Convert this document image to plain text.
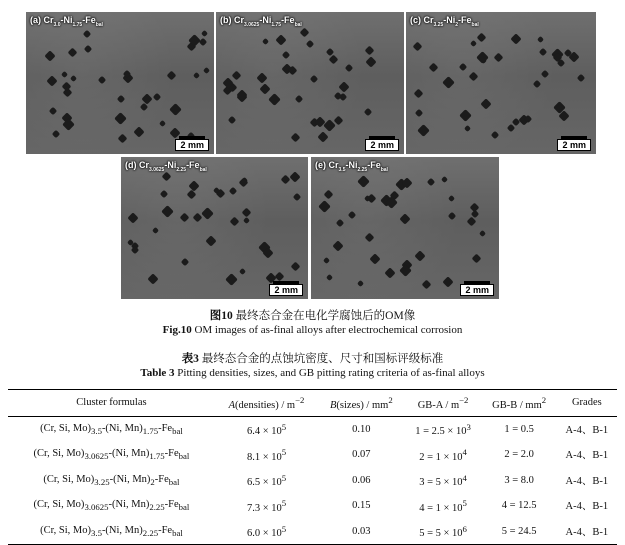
(a) $Cr_{3.0}-Ni_{1.75}-Fe_{bal}$
2 mm
(b) $Cr_{3.0625}-Ni_{1.75}-Fe_{bal}$
2 mm
(c) $Cr_{3.25}-Ni_2-Fe_{bal}$
2 mm
(d) $Cr_{3.0625}-Ni_{2.25}-Fe_{bal}$
2 mm
(e) $Cr_{3.5}-Ni_{2.25}-Fe_{bal}$
2 mm
图10 最终态合金在电化学腐蚀后的OM像
Fig.10 OM images of as-final alloys after electrochemical corrosion
表3 最终态合金的点蚀坑密度、尺寸和国标评级标准
Table 3 Pitting densities, sizes, and GB pitting rating criteria of as-final alloys
Cluster formulas	A(densities) / $m^{-2}$	B(sizes) / $mm^2$	$GB-A / m^{-2}$	$GB-B / mm^2$	Grades
(Cr, Si, $Mo)_{3.5}-(Ni$, $Mn)_{1.75}-Fe_{bal}$	$6.4 \times 10^5$	0.10	$1 = 2.5 \times 10^3$	1 = 0.5	A-4、B-1
(Cr, Si, $Mo)_{3.0625}-(Ni$, $Mn)_{1.75}-Fe_{bal}$	$8.1 \times 10^5$	0.07	$2 = 1 \times 10^4$	2 = 2.0	A-4、B-1
(Cr, Si, $Mo)_{3.25}-(Ni$, $Mn)_2-Fe_{bal}$	$6.5 \times 10^5$	0.06	$3 = 5 \times 10^4$	3 = 8.0	A-4、B-1
(Cr, Si, $Mo)_{3.0625}-(Ni$, $Mn)_{2.25}-Fe_{bal}$	$7.3 \times 10^5$	0.15	$4 = 1 \times 10^5$	4 = 12.5	A-4、B-1
(Cr, Si, $Mo)_{3.5}-(Ni$, $Mn)_{2.25}-Fe_{bal}$	$6.0 \times 10^5$	0.03	$5 = 5 \times 10^6$	5 = 24.5	A-4、B-1
